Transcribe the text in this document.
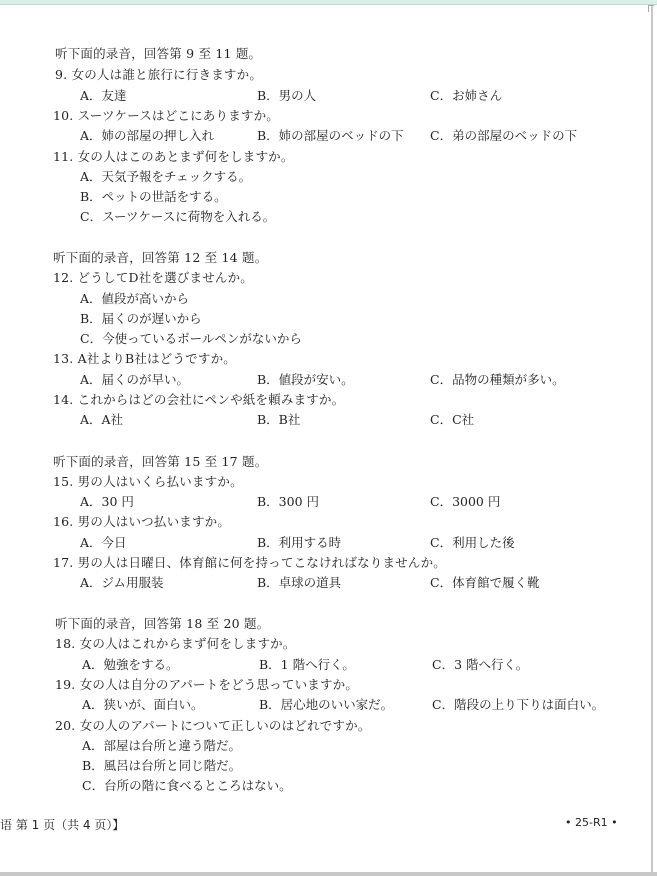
听下面的录音，回答第 9 至 11 题。
9. 女の人は誰と旅行に行きますか。
A．友達	B．男の人	C．お姉さん
10. スーツケースはどこにありますか。
A．姉の部屋の押し入れ	B．姉の部屋のベッドの下 C．弟の部屋のベッドの下
11. 女の人はこのあとまず何をしますか。
A．天気予報をチェックする。
B．ペットの世話をする。
C．スーツケースに荷物を入れる。
听下面的录音，回答第 12 至 14 题。
12. どうしてD社を選びませんか。
A．値段が高いから
B．届くのが遅いから
C．今使っているボールペンがないから
13. A社よりB社はどうですか。
A．届くのが早い。	B．値段が安い。	C．品物の種類が多い。
14. これからはどの会社にペンや紙を頼みますか。
A．A社	B．B社	C．C社
听下面的录音，回答第 15 至 17 题。
15. 男の人はいくら払いますか。
A．30 円	B．300 円	C．3000 円
16. 男の人はいつ払いますか。
A．今日	B．利用する時	C．利用した後
17. 男の人は日曜日、体育館に何を持ってこなければなりませんか。
A．ジム用服装	B．卓球の道具	C．体育館で履く靴
听下面的录音，回答第 18 至 20 题。
18. 女の人はこれからまず何をしますか。
A．勉強をする。	B．1 階へ行く。	C．3 階へ行く。
19. 女の人は自分のアパートをどう思っていますか。
A．狭いが、面白い。	B．居心地のいい家だ。	C．階段の上り下りは面白い。
20. 女の人のアパートについて正しいのはどれですか。
A．部屋は台所と違う階だ。
B．風呂は台所と同じ階だ。
C．台所の階に食べるところはない。
语 第 1 页（共 4 页）】	• 25-R1 •
